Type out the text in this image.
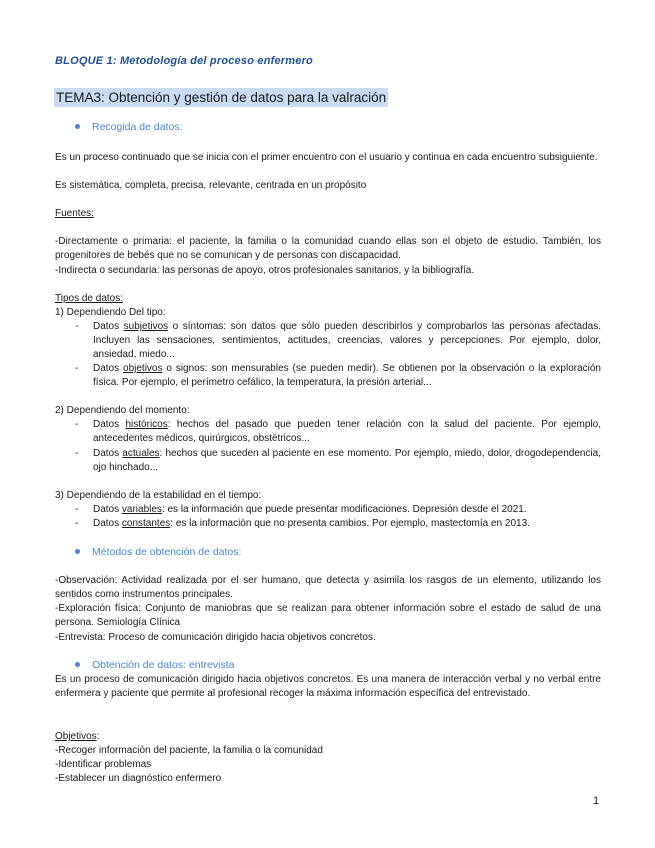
BLOQUE 1: Metodología del proceso enfermero
TEMA3: Obtención y gestión de datos para la valración
Recogida de datos:
Es un proceso continuado que se inicia con el primer encuentro con el usuario y continua en cada encuentro subsiguiente.
Es sistemática, completa, precisa, relevante, centrada en un propósito
Fuentes:
-Directamente o primaria: el paciente, la familia o la comunidad cuando ellas son el objeto de estudio. También, los progenitores de bebés que no se comunican y de personas con discapacidad.
-Indirecta o secundaria: las personas de apoyo, otros profesionales sanitarios, y la bibliografía.
Tipos de datos:
1) Dependiendo Del tipo:
- Datos subjetivos o síntomas: son datos que sólo pueden describirlos y comprobarlos las personas afectadas. Incluyen las sensaciones, sentimientos, actitudes, creencias, valores y percepciones. Por ejemplo, dolor, ansiedad, miedo...
- Datos objetivos o signos: son mensurables (se pueden medir). Se obtienen por la observación o la exploración física. Por ejemplo, el perímetro cefálico, la temperatura, la presión arterial...
2) Dependiendo del momento:
- Datos históricos: hechos del pasado que pueden tener relación con la salud del paciente. Por ejemplo, antecedentes médicos, quirúrgicos, obstétricos...
- Datos actuales: hechos que suceden al paciente en ese momento. Por ejemplo, miedo, dolor, drogodependencia, ojo hinchado...
3) Dependiendo de la estabilidad en el tiempo:
- Datos variables: es la información que puede presentar modificaciones. Depresión desde el 2021.
- Datos constantes: es la información que no presenta cambios. Por ejemplo, mastectomía en 2013.
Métodos de obtención de datos:
-Observación: Actividad realizada por el ser humano, que detecta y asimila los rasgos de un elemento, utilizando los sentidos como instrumentos principales.
-Exploración física: Conjunto de maniobras que se realizan para obtener información sobre el estado de salud de una persona. Semiología Clínica
-Entrevista: Proceso de comunicación dirigido hacia objetivos concretos.
Obtención de datos: entrevista
Es un proceso de comunicación dirigido hacia objetivos concretos. Es una manera de interacción verbal y no verbal entre enfermera y paciente que permite al profesional recoger la máxima información específica del entrevistado.
Objetivos:
-Recoger información del paciente, la familia o la comunidad
-Identificar problemas
-Establecer un diagnóstico enfermero
1
